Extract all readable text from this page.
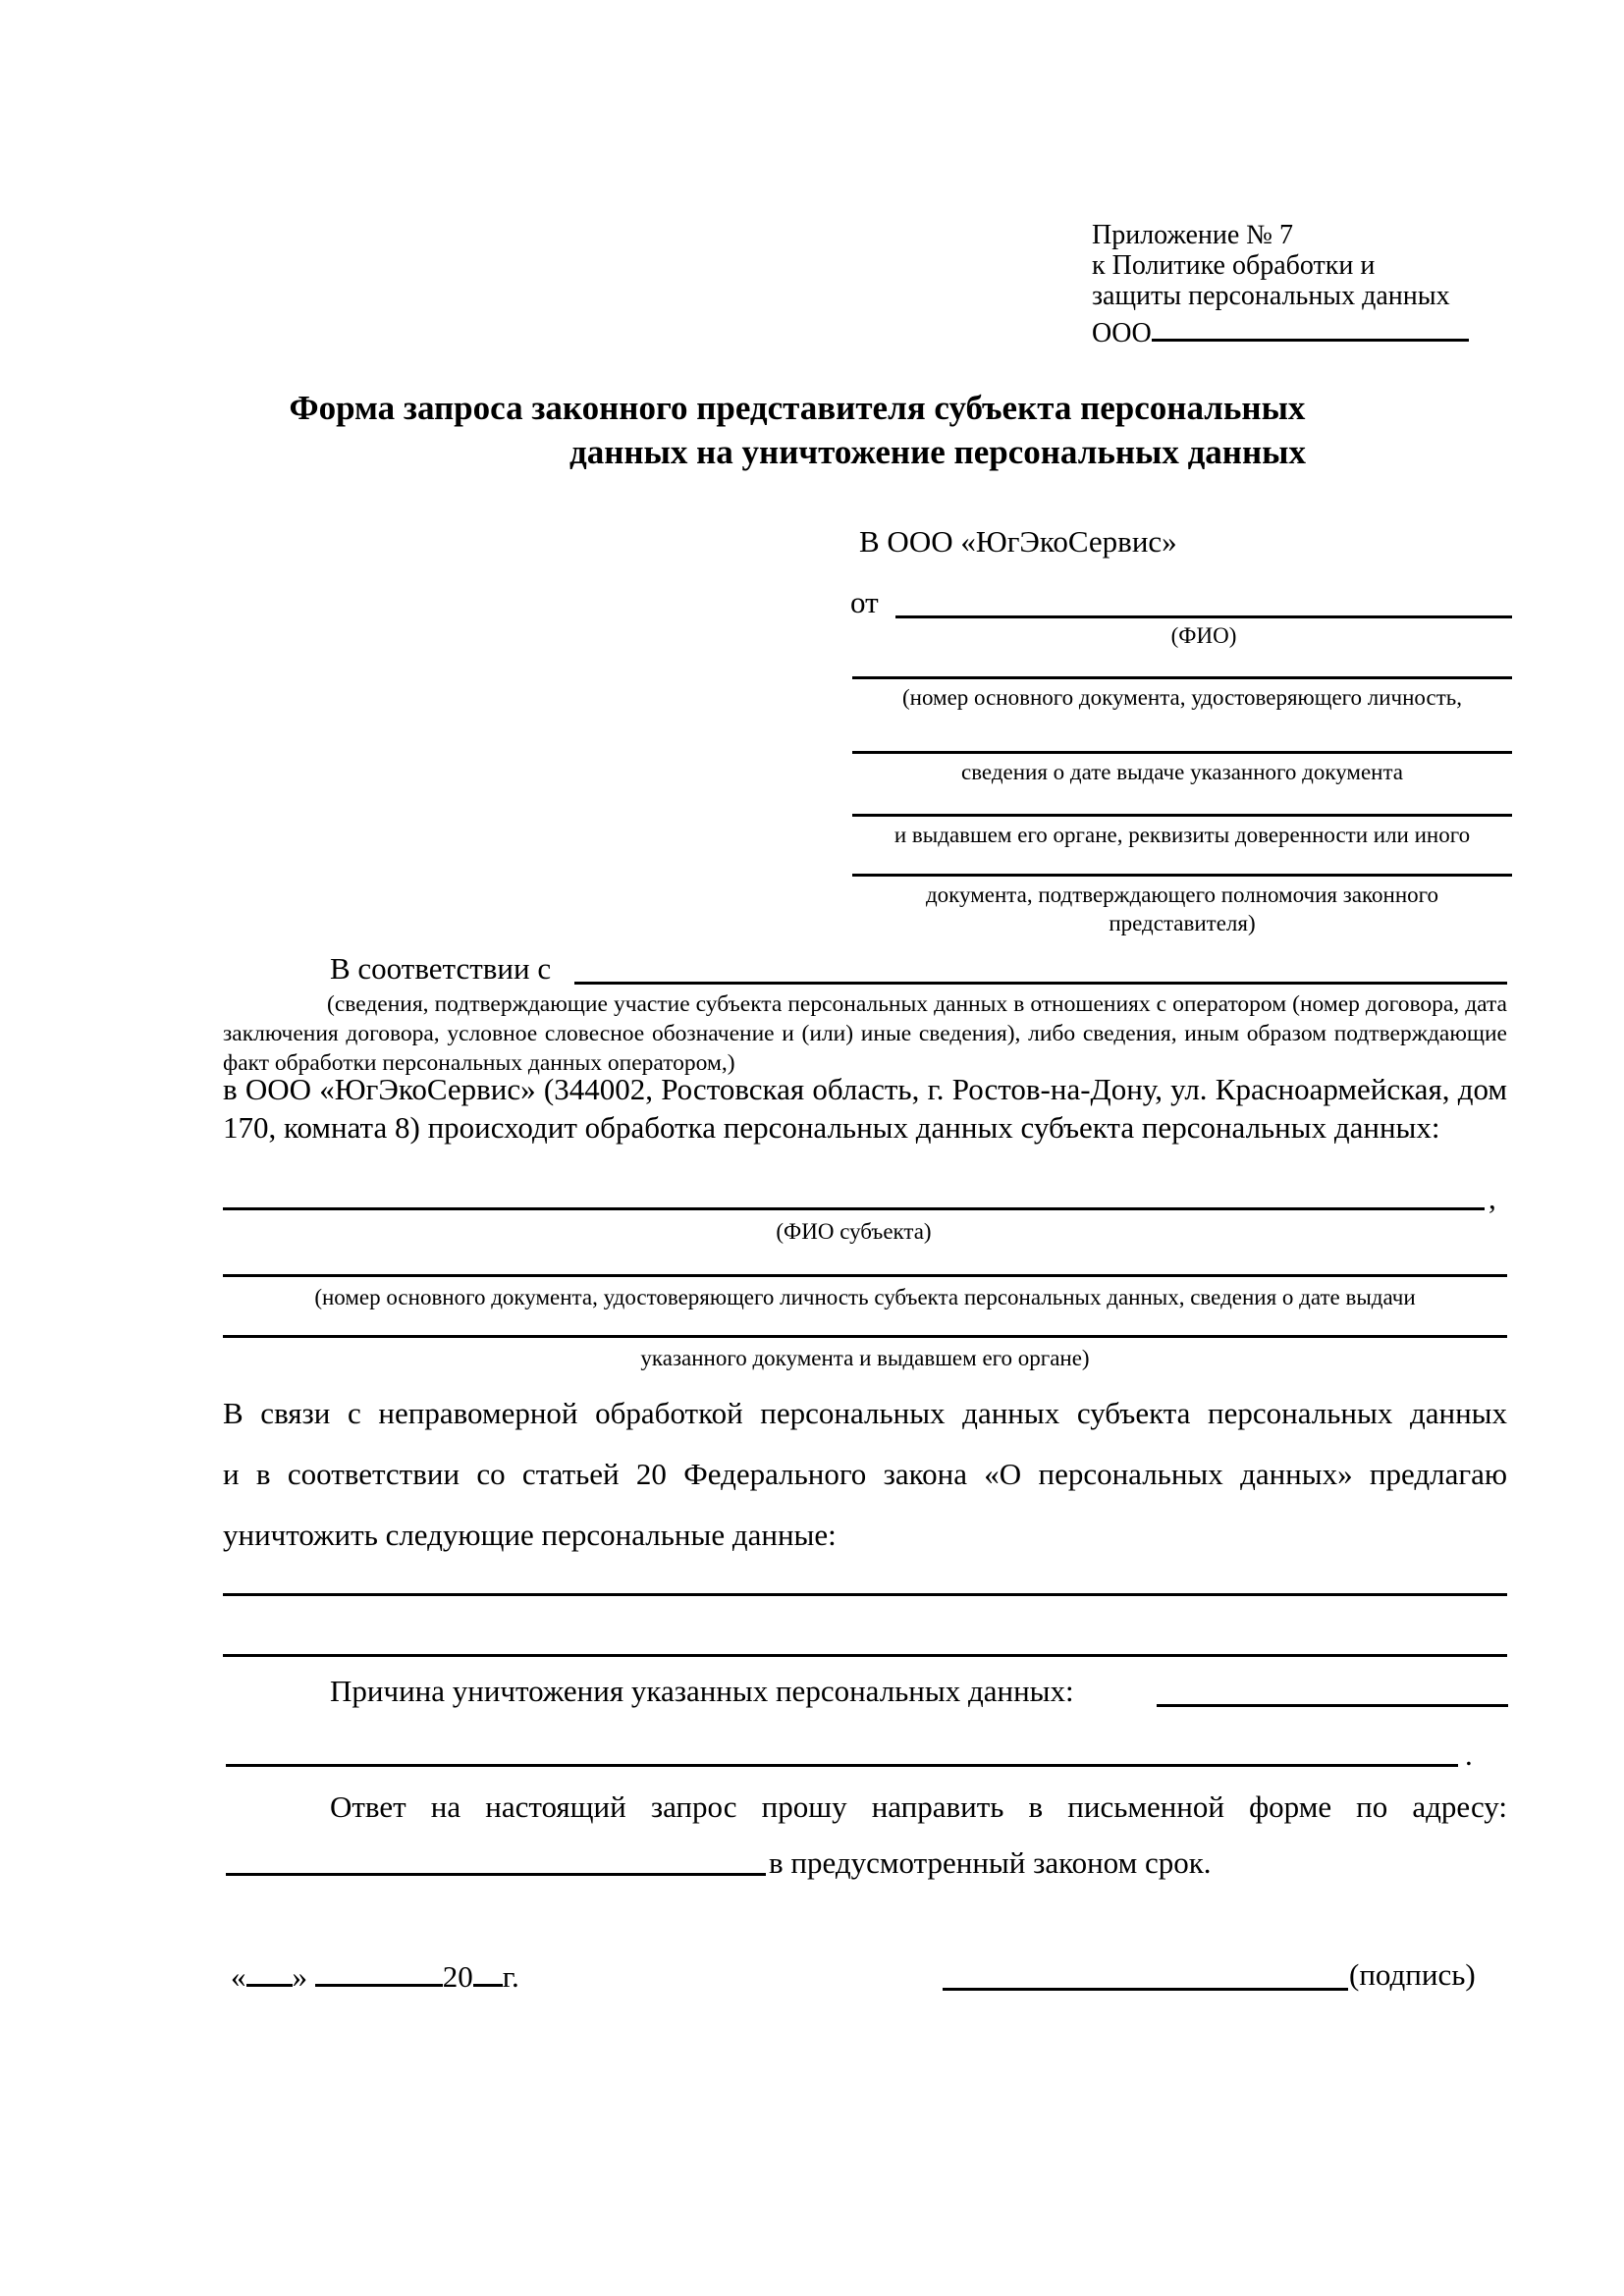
Приложение № 7
к Политике обработки и
защиты персональных данных
ООО
Форма запроса законного представителя субъекта персональных
данных на уничтожение персональных данных
В ООО «ЮгЭкоСервис»
от
(ФИО)
(номер основного документа, удостоверяющего личность,
сведения о дате выдаче указанного документа
и выдавшем его органе, реквизиты доверенности или иного
документа, подтверждающего полномочия законного представителя)
В соответствии с
(сведения, подтверждающие участие субъекта персональных данных в отношениях с оператором (номер договора, дата заключения договора, условное словесное обозначение и (или) иные сведения), либо сведения, иным образом подтверждающие факт обработки персональных данных оператором,)
в ООО «ЮгЭкоСервис» (344002, Ростовская область, г. Ростов-на-Дону, ул. Красноармейская, дом 170, комната 8) происходит обработка персональных данных субъекта персональных данных:
,
(ФИО субъекта)
(номер основного документа, удостоверяющего личность субъекта персональных данных, сведения о дате выдачи
указанного документа и выдавшем его органе)
В связи с неправомерной обработкой персональных данных субъекта персональных данных
и в соответствии со статьей 20 Федерального закона «О персональных данных» предлагаю
уничтожить следующие персональные данные:
Причина уничтожения указанных персональных данных:
.
Ответ на настоящий запрос прошу направить в письменной форме по адресу:
в предусмотренный законом срок.
« »	20 г.	(подпись)
